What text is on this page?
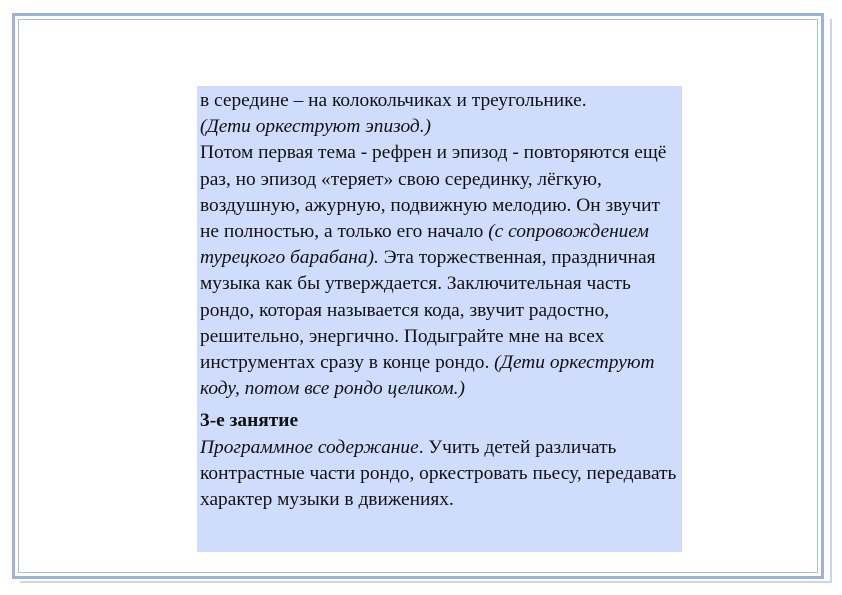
в середине – на колокольчиках и треугольнике.
(Дети оркеструют эпизод.)

Потом первая тема - рефрен и эпизод - повторяются ещё раз, но эпизод «теряет» свою серединку, лёгкую, воздушную, ажурную, подвижную мелодию. Он звучит не полностью, а только его начало (с сопровождением турецкого барабана). Эта торжественная, праздничная музыка как бы утверждается. Заключительная часть рондо, которая называется кода, звучит радостно, решительно, энергично. Подыграйте мне на всех инструментах сразу в конце рондо. (Дети оркеструют коду, потом все рондо целиком.)

3-е занятие
Программное содержание. Учить детей различать контрастные части рондо, оркестровать пьесу, передавать характер музыки в движениях.
